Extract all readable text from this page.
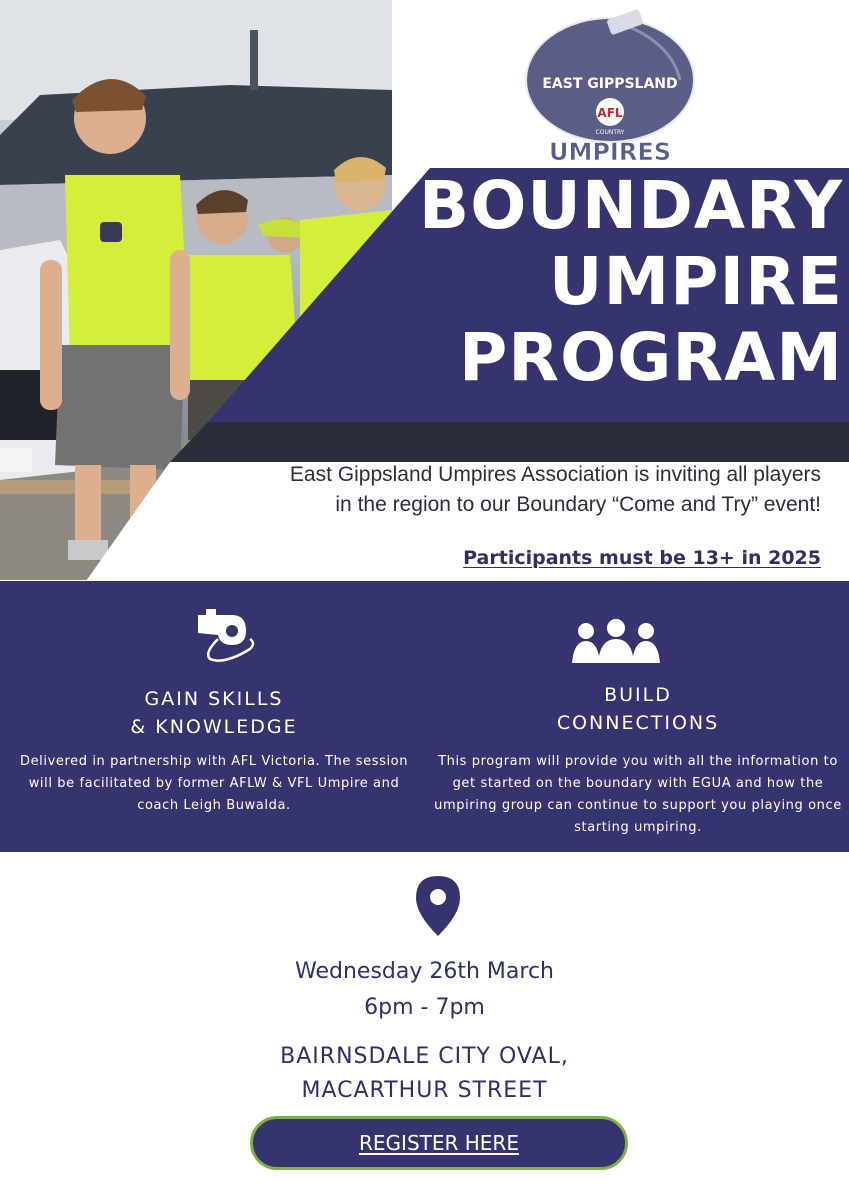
EAST GIPPSLAND
AFL
COUNTRY
UMPIRES
BOUNDARY
UMPIRE
PROGRAM
East Gippsland Umpires Association is inviting all players
in the region to our Boundary “Come and Try” event!
Participants must be 13+ in 2025
GAIN SKILLS
& KNOWLEDGE
Delivered in partnership with AFL Victoria. The session will be facilitated by former AFLW & VFL Umpire and coach Leigh Buwalda.
BUILD
CONNECTIONS
This program will provide you with all the information to get started on the boundary with EGUA and how the umpiring group can continue to support you playing once starting umpiring.
Wednesday 26th March
6pm - 7pm
BAIRNSDALE CITY OVAL,
MACARTHUR STREET
REGISTER HERE
